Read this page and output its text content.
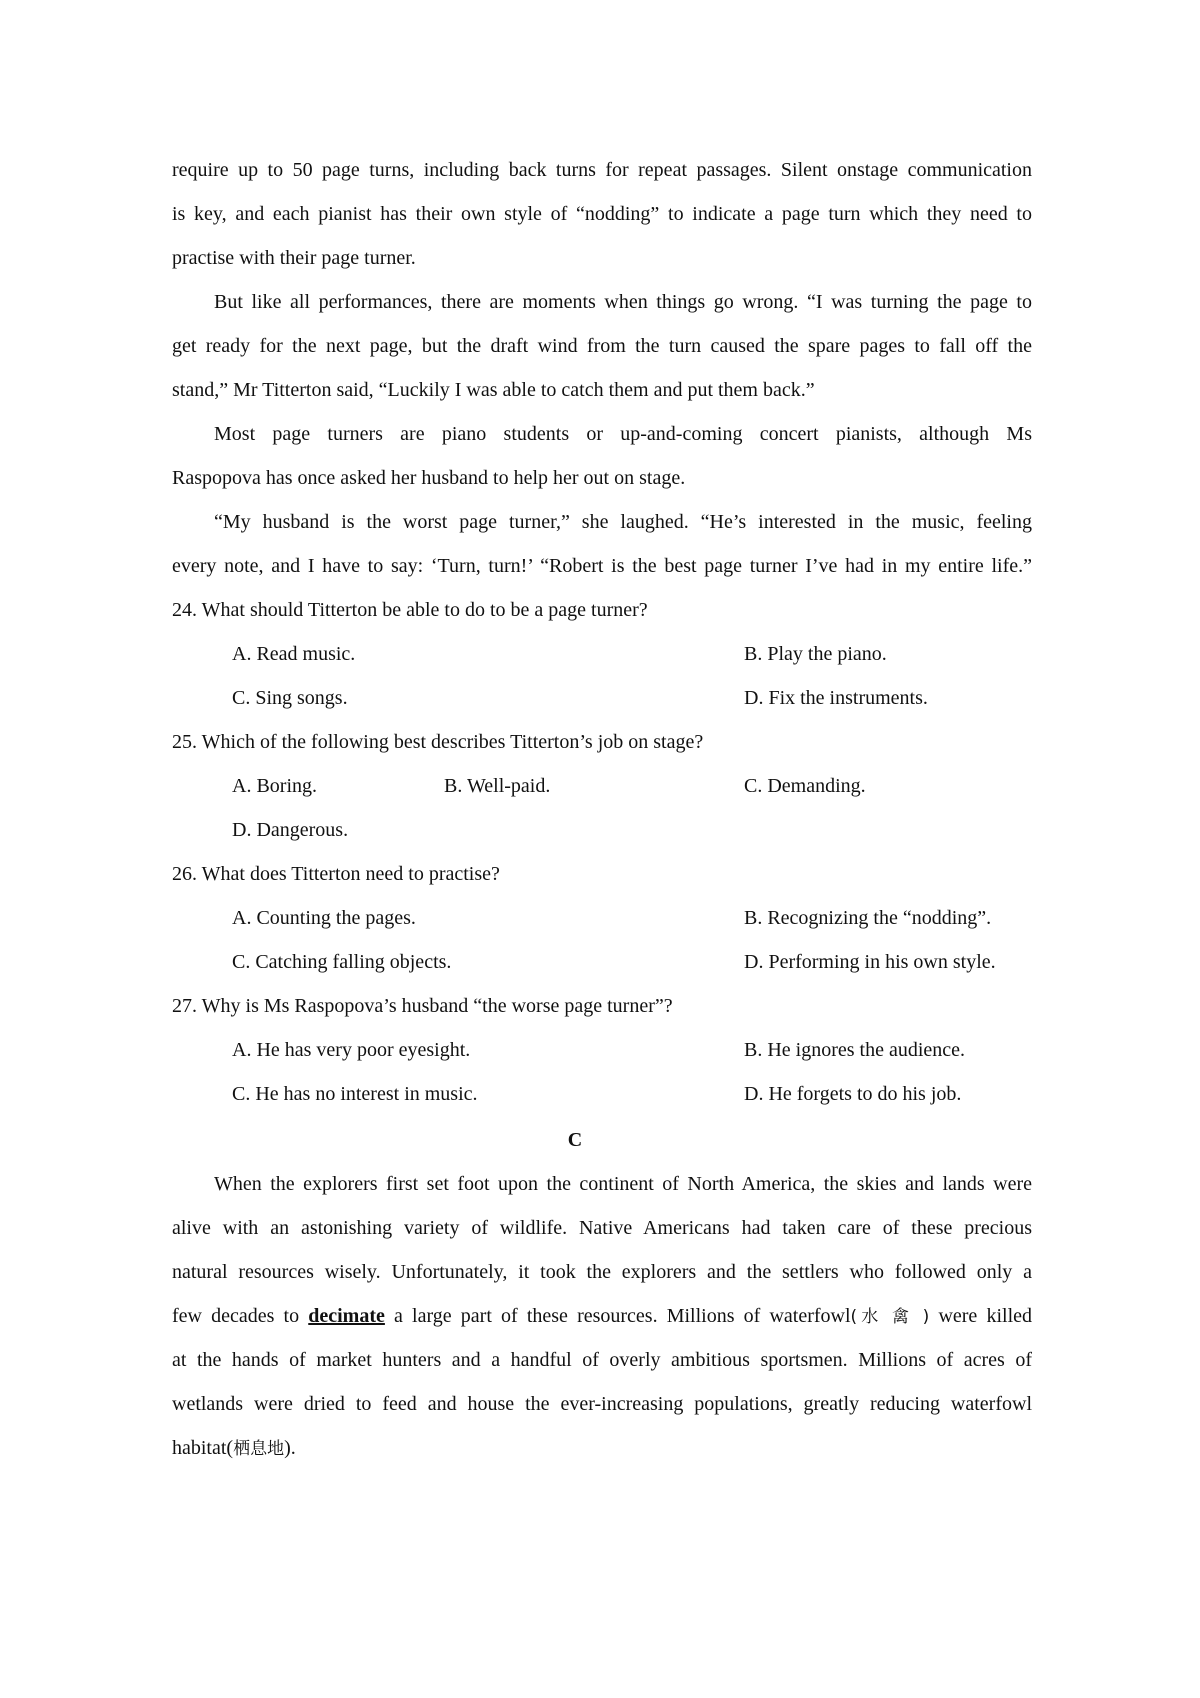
require up to 50 page turns, including back turns for repeat passages. Silent onstage communication
is key, and each pianist has their own style of “nodding” to indicate a page turn which they need to
practise with their page turner.
But like all performances, there are moments when things go wrong. “I was turning the page to
get ready for the next page, but the draft wind from the turn caused the spare pages to fall off the
stand,” Mr Titterton said, “Luckily I was able to catch them and put them back.”
Most page turners are piano students or up-and-coming concert pianists, although Ms
Raspopova has once asked her husband to help her out on stage.
“My husband is the worst page turner,” she laughed. “He’s interested in the music, feeling
every note, and I have to say: ‘Turn, turn!’ “Robert is the best page turner I’ve had in my entire life.”
24. What should Titterton be able to do to be a page turner?
A. Read music.	B. Play the piano.
C. Sing songs.	D. Fix the instruments.
25. Which of the following best describes Titterton’s job on stage?
A. Boring.	B. Well-paid.	C. Demanding.
D. Dangerous.
26. What does Titterton need to practise?
A. Counting the pages.	B. Recognizing the “nodding”.
C. Catching falling objects.	D. Performing in his own style.
27. Why is Ms Raspopova’s husband “the worse page turner”?
A. He has very poor eyesight.	B. He ignores the audience.
C. He has no interest in music.	D. He forgets to do his job.
C
When the explorers first set foot upon the continent of North America, the skies and lands were
alive with an astonishing variety of wildlife. Native Americans had taken care of these precious
natural resources wisely. Unfortunately, it took the explorers and the settlers who followed only a
few decades to decimate a large part of these resources. Millions of waterfowl(水 禽 ) were killed
at the hands of market hunters and a handful of overly ambitious sportsmen. Millions of acres of
wetlands were dried to feed and house the ever-increasing populations, greatly reducing waterfowl
habitat(栖息地).
